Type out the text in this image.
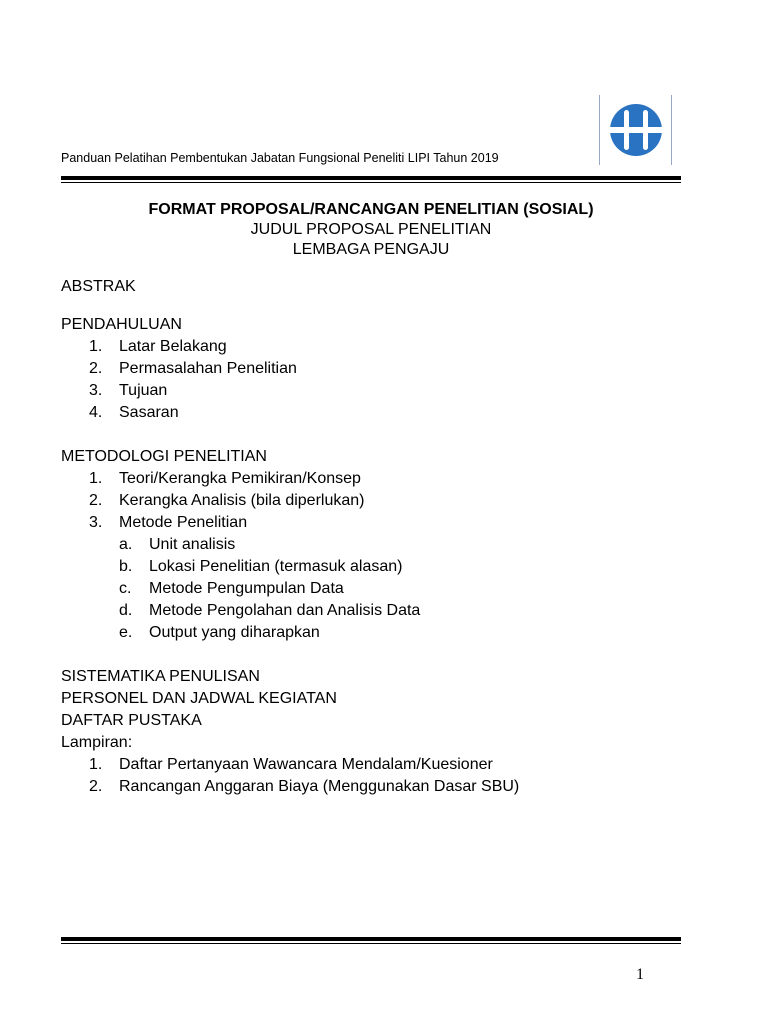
Panduan Pelatihan Pembentukan Jabatan Fungsional Peneliti LIPI Tahun 2019
FORMAT PROPOSAL/RANCANGAN PENELITIAN (SOSIAL)
JUDUL PROPOSAL PENELITIAN
LEMBAGA PENGAJU
ABSTRAK
PENDAHULUAN
1. Latar Belakang
2. Permasalahan Penelitian
3. Tujuan
4. Sasaran
METODOLOGI PENELITIAN
1. Teori/Kerangka Pemikiran/Konsep
2. Kerangka Analisis (bila diperlukan)
3. Metode Penelitian
a. Unit analisis
b. Lokasi Penelitian (termasuk alasan)
c. Metode Pengumpulan Data
d. Metode Pengolahan dan Analisis Data
e. Output yang diharapkan
SISTEMATIKA PENULISAN
PERSONEL DAN JADWAL KEGIATAN
DAFTAR PUSTAKA
Lampiran:
1. Daftar Pertanyaan Wawancara Mendalam/Kuesioner
2. Rancangan Anggaran Biaya (Menggunakan Dasar SBU)
1
